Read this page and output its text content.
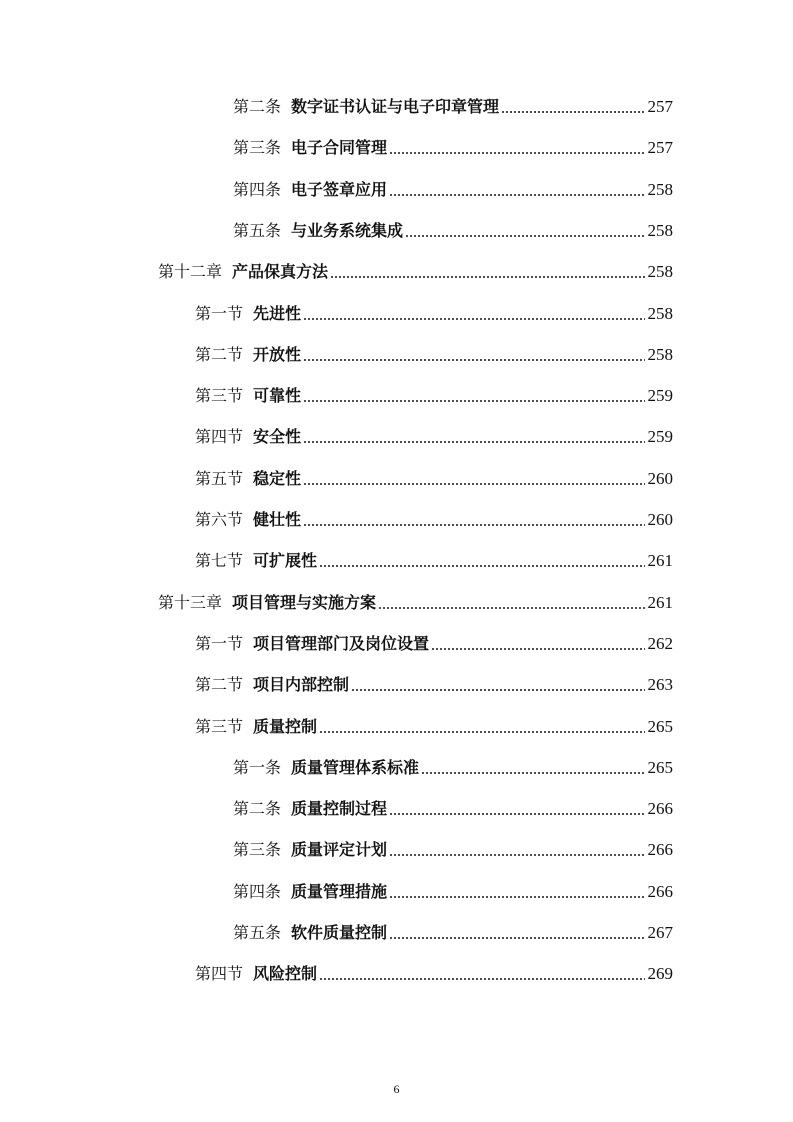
第二条 数字证书认证与电子印章管理	257
第三条 电子合同管理	257
第四条 电子签章应用	258
第五条 与业务系统集成	258
第十二章 产品保真方法	258
第一节 先进性	258
第二节 开放性	258
第三节 可靠性	259
第四节 安全性	259
第五节 稳定性	260
第六节 健壮性	260
第七节 可扩展性	261
第十三章 项目管理与实施方案	261
第一节 项目管理部门及岗位设置	262
第二节 项目内部控制	263
第三节 质量控制	265
第一条 质量管理体系标准	265
第二条 质量控制过程	266
第三条 质量评定计划	266
第四条 质量管理措施	266
第五条 软件质量控制	267
第四节 风险控制	269
6
